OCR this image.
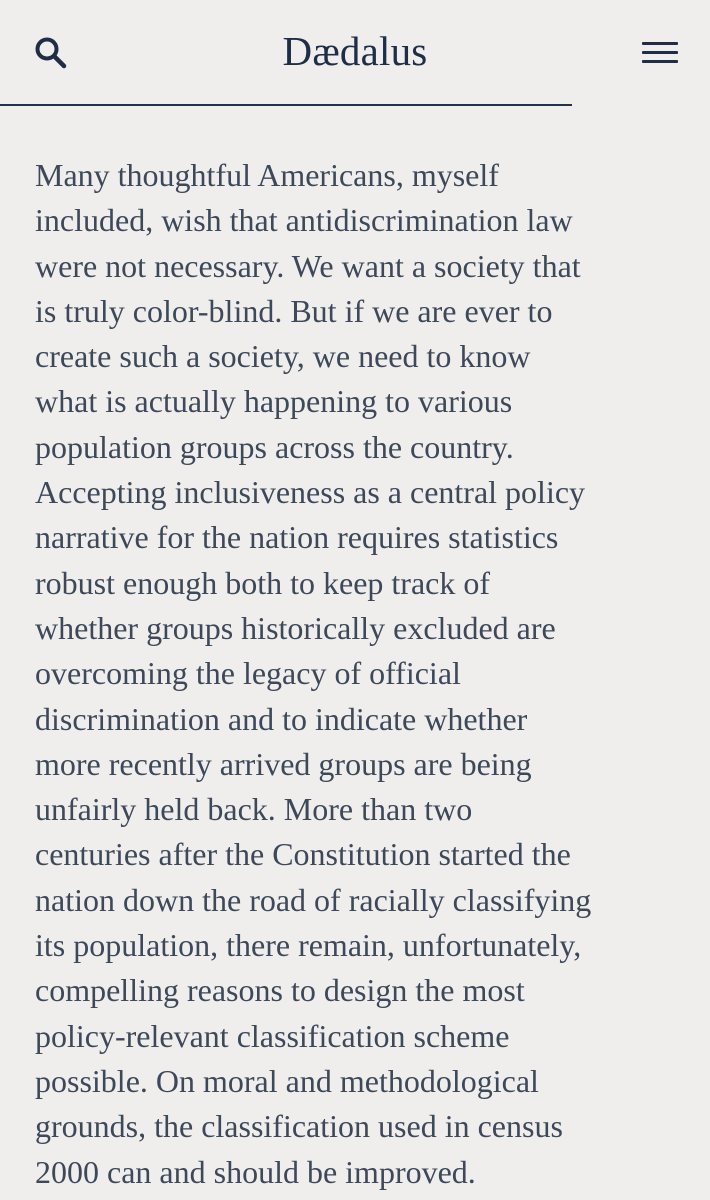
Dædalus

Many thoughtful Americans, myself
included, wish that antidiscrimination law
were not necessary. We want a society that
is truly color-blind. But if we are ever to
create such a society, we need to know
what is actually happening to various
population groups across the country.
Accepting inclusiveness as a central policy
narrative for the nation requires statistics
robust enough both to keep track of
whether groups historically excluded are
overcoming the legacy of official
discrimination and to indicate whether
more recently arrived groups are being
unfairly held back. More than two
centuries after the Constitution started the
nation down the road of racially classifying
its population, there remain, unfortunately,
compelling reasons to design the most
policy-relevant classification scheme
possible. On moral and methodological
grounds, the classification used in census
2000 can and should be improved.
